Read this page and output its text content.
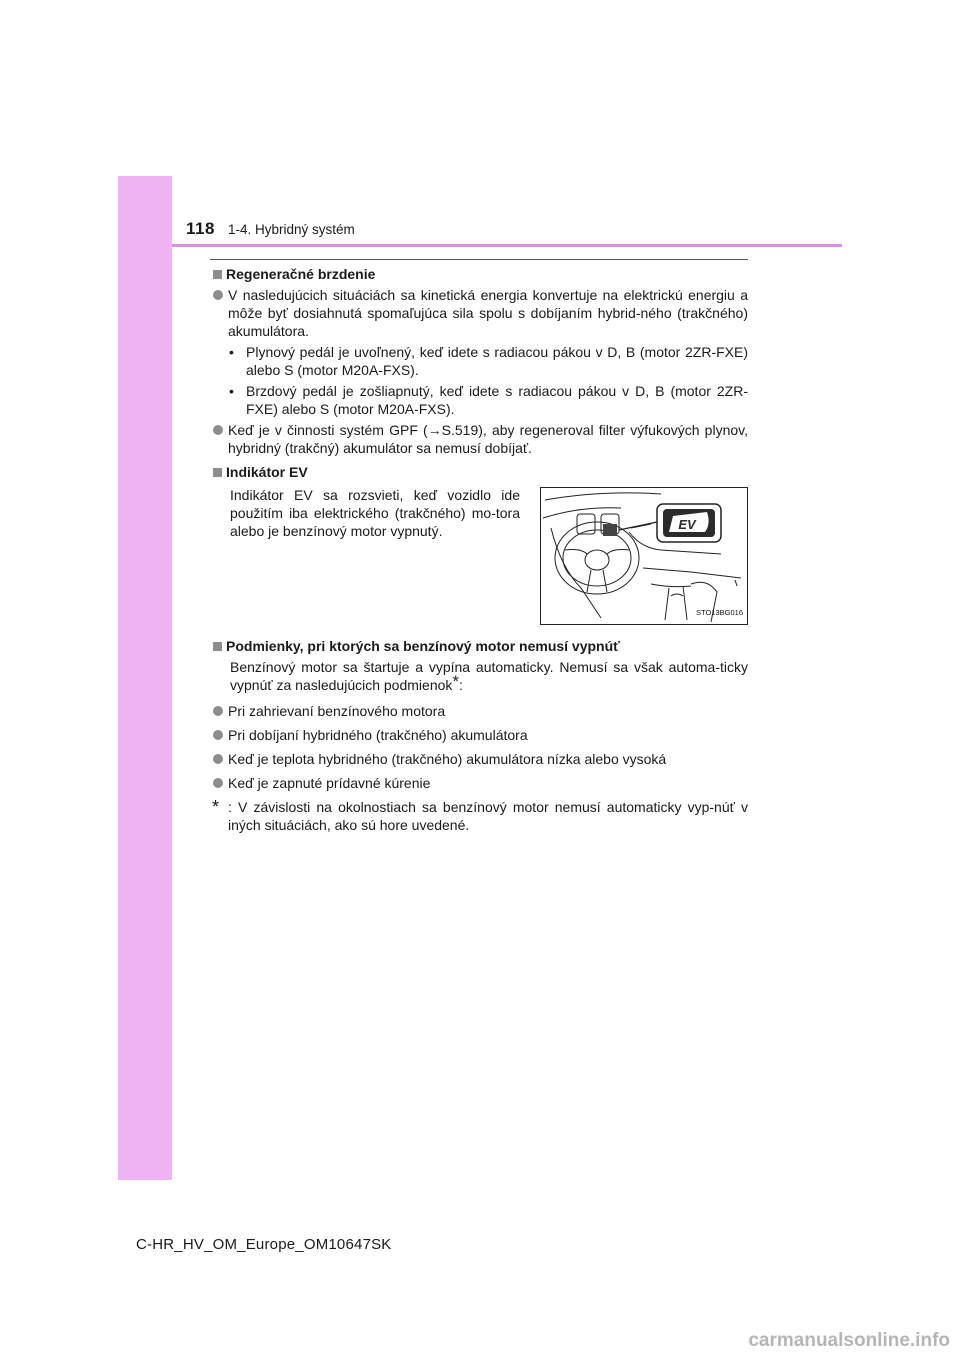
118 1-4. Hybridný systém
Regeneračné brzdenie
V nasledujúcich situáciách sa kinetická energia konvertuje na elektrickú energiu a môže byť dosiahnutá spomaľujúca sila spolu s dobíjaním hybrid-ného (trakčného) akumulátora.
• Plynový pedál je uvoľnený, keď idete s radiacou pákou v D, B (motor 2ZR-FXE) alebo S (motor M20A-FXS).
• Brzdový pedál je zošliapnutý, keď idete s radiacou pákou v D, B (motor 2ZR-FXE) alebo S (motor M20A-FXS).
Keď je v činnosti systém GPF (→S.519), aby regeneroval filter výfukových plynov, hybridný (trakčný) akumulátor sa nemusí dobíjať.
Indikátor EV
Indikátor EV sa rozsvieti, keď vozidlo ide použitím iba elektrického (trakčného) mo-tora alebo je benzínový motor vypnutý.	EV
STO13BG016
Podmienky, pri ktorých sa benzínový motor nemusí vypnúť
Benzínový motor sa štartuje a vypína automaticky. Nemusí sa však automa-ticky vypnúť za nasledujúcich podmienok*:
Pri zahrievaní benzínového motora
Pri dobíjaní hybridného (trakčného) akumulátora
Keď je teplota hybridného (trakčného) akumulátora nízka alebo vysoká
Keď je zapnuté prídavné kúrenie
* : V závislosti na okolnostiach sa benzínový motor nemusí automaticky vyp-núť v iných situáciách, ako sú hore uvedené.
C-HR_HV_OM_Europe_OM10647SK
carmanualsonline.info
